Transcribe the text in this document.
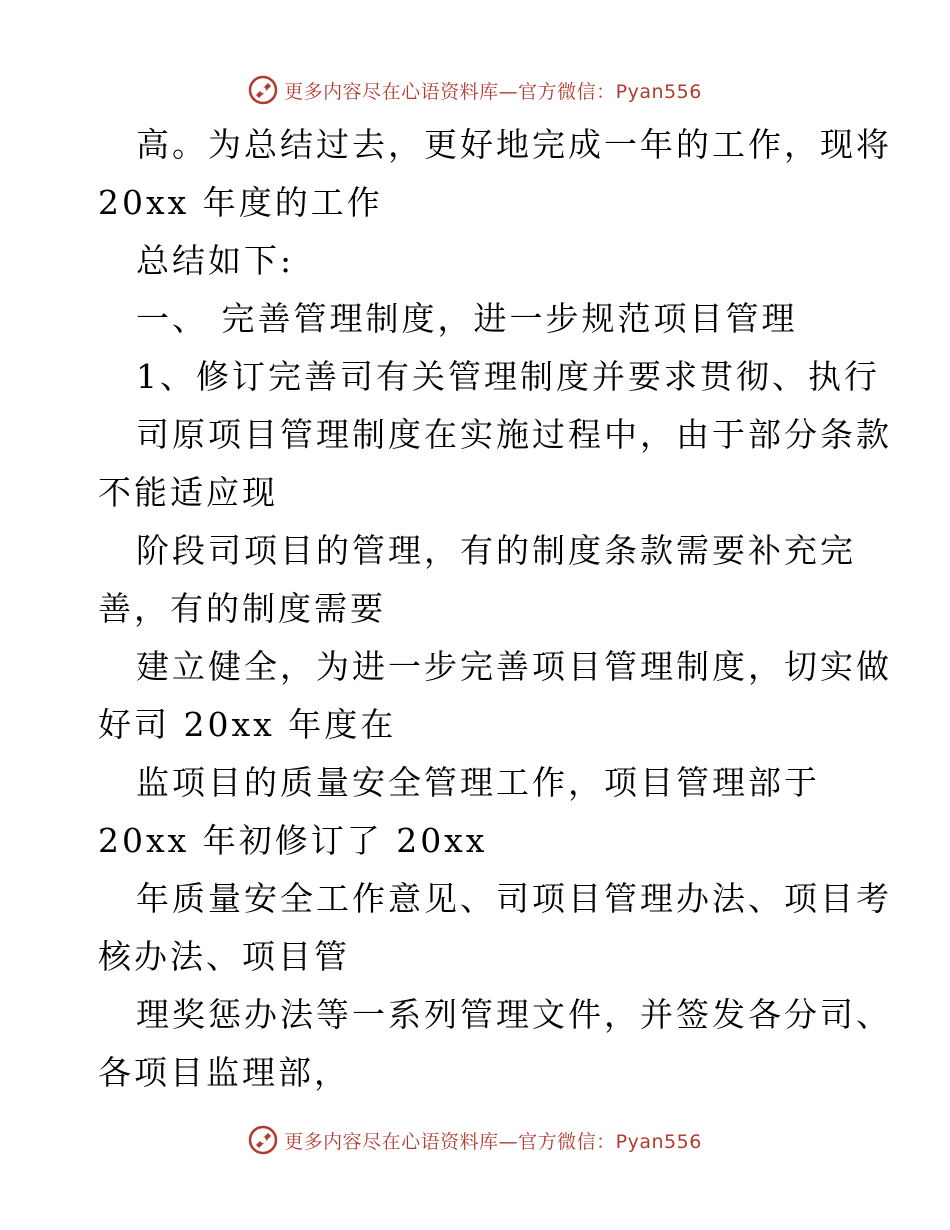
更多内容尽在心语资料库—官方微信：Pyan556
高。为总结过去，更好地完成一年的工作，现将
20xx 年度的工作
总结如下:
一、 完善管理制度，进一步规范项目管理
1、修订完善司有关管理制度并要求贯彻、执行
司原项目管理制度在实施过程中，由于部分条款
不能适应现
阶段司项目的管理，有的制度条款需要补充完
善，有的制度需要
建立健全，为进一步完善项目管理制度，切实做
好司 20xx 年度在
监项目的质量安全管理工作，项目管理部于
20xx 年初修订了 20xx
年质量安全工作意见、司项目管理办法、项目考
核办法、项目管
理奖惩办法等一系列管理文件，并签发各分司、
各项目监理部，
更多内容尽在心语资料库—官方微信：Pyan556
